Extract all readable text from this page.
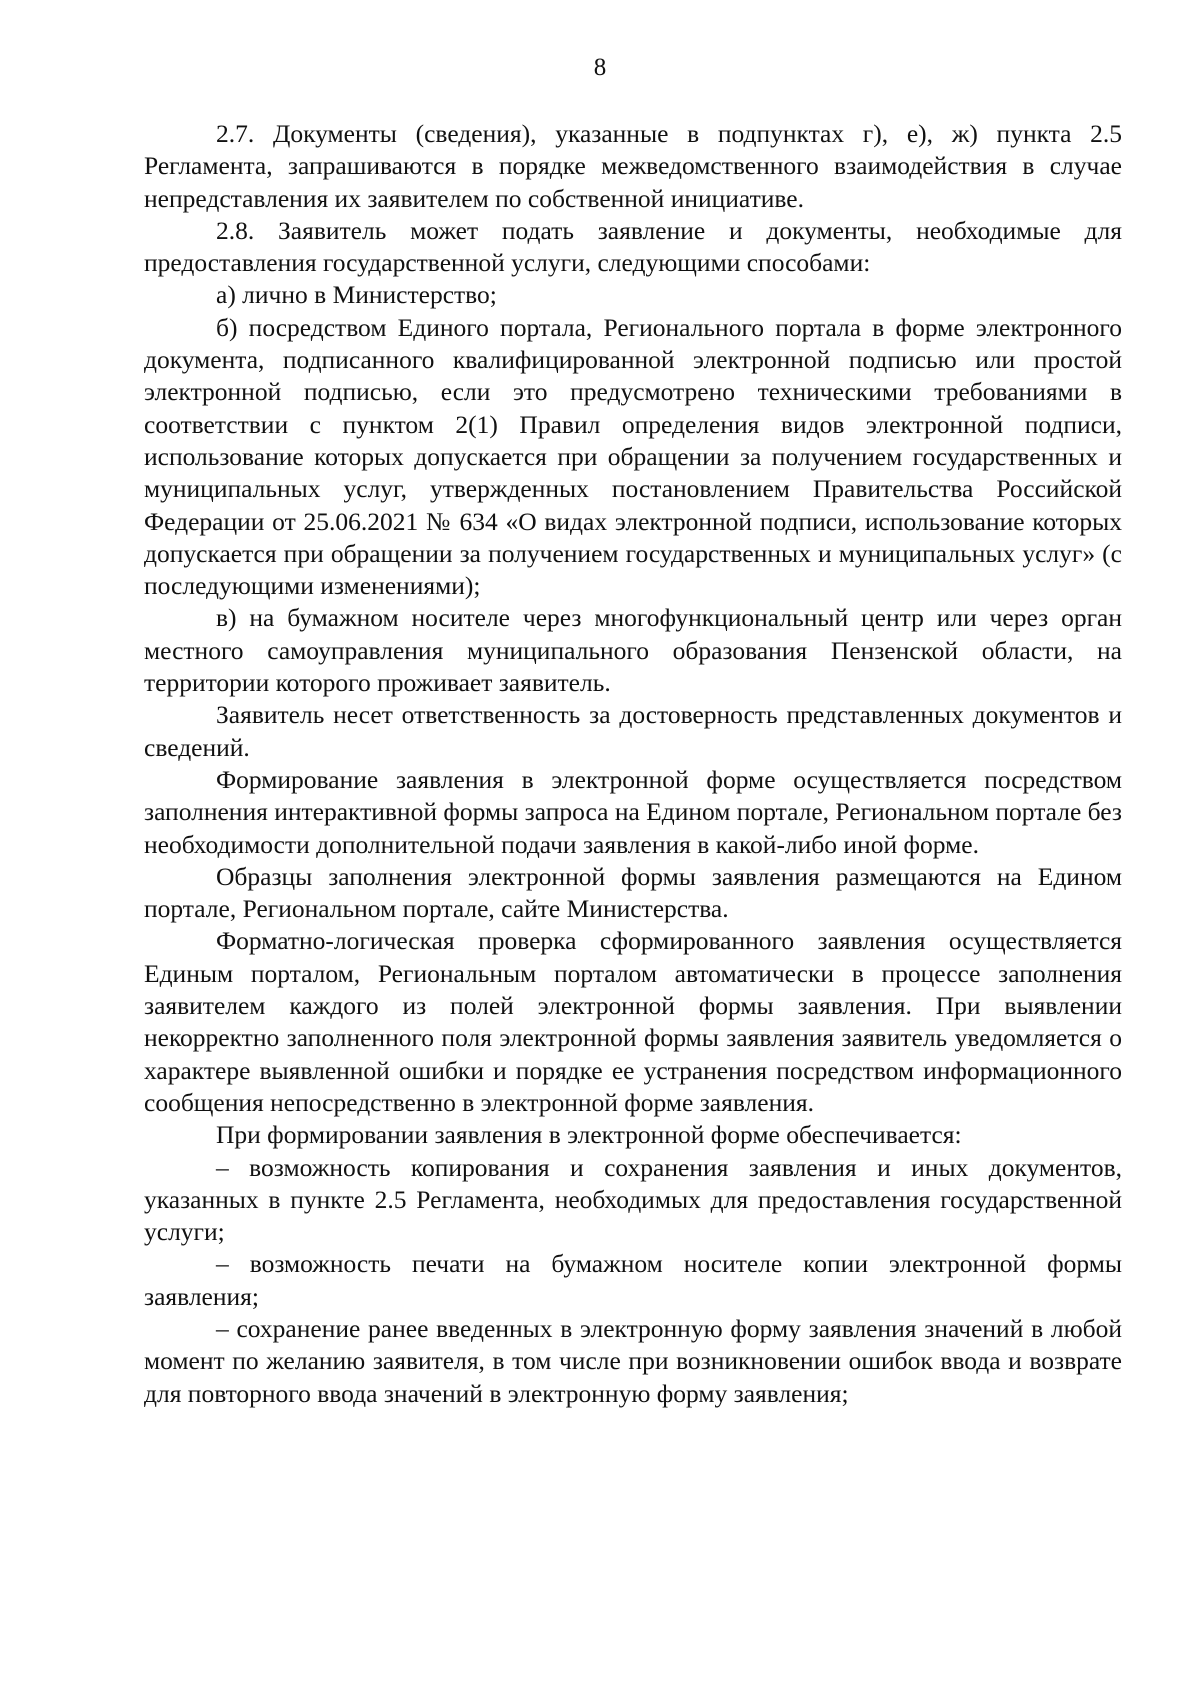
8

2.7. Документы (сведения), указанные в подпунктах г), е), ж) пункта 2.5 Регламента, запрашиваются в порядке межведомственного взаимодействия в случае непредставления их заявителем по собственной инициативе.

2.8. Заявитель может подать заявление и документы, необходимые для предоставления государственной услуги, следующими способами:

а) лично в Министерство;

б) посредством Единого портала, Регионального портала в форме электронного документа, подписанного квалифицированной электронной подписью или простой электронной подписью, если это предусмотрено техническими требованиями в соответствии с пунктом 2(1) Правил определения видов электронной подписи, использование которых допускается при обращении за получением государственных и муниципальных услуг, утвержденных постановлением Правительства Российской Федерации от 25.06.2021 № 634 «О видах электронной подписи, использование которых допускается при обращении за получением государственных и муниципальных услуг» (с последующими изменениями);

в) на бумажном носителе через многофункциональный центр или через орган местного самоуправления муниципального образования Пензенской области, на территории которого проживает заявитель.

Заявитель несет ответственность за достоверность представленных документов и сведений.

Формирование заявления в электронной форме осуществляется посредством заполнения интерактивной формы запроса на Едином портале, Региональном портале без необходимости дополнительной подачи заявления в какой-либо иной форме.

Образцы заполнения электронной формы заявления размещаются на Едином портале, Региональном портале, сайте Министерства.

Форматно-логическая проверка сформированного заявления осуществляется Единым порталом, Региональным порталом автоматически в процессе заполнения заявителем каждого из полей электронной формы заявления. При выявлении некорректно заполненного поля электронной формы заявления заявитель уведомляется о характере выявленной ошибки и порядке ее устранения посредством информационного сообщения непосредственно в электронной форме заявления.

При формировании заявления в электронной форме обеспечивается:

– возможность копирования и сохранения заявления и иных документов, указанных в пункте 2.5 Регламента, необходимых для предоставления государственной услуги;

– возможность печати на бумажном носителе копии электронной формы заявления;

– сохранение ранее введенных в электронную форму заявления значений в любой момент по желанию заявителя, в том числе при возникновении ошибок ввода и возврате для повторного ввода значений в электронную форму заявления;
